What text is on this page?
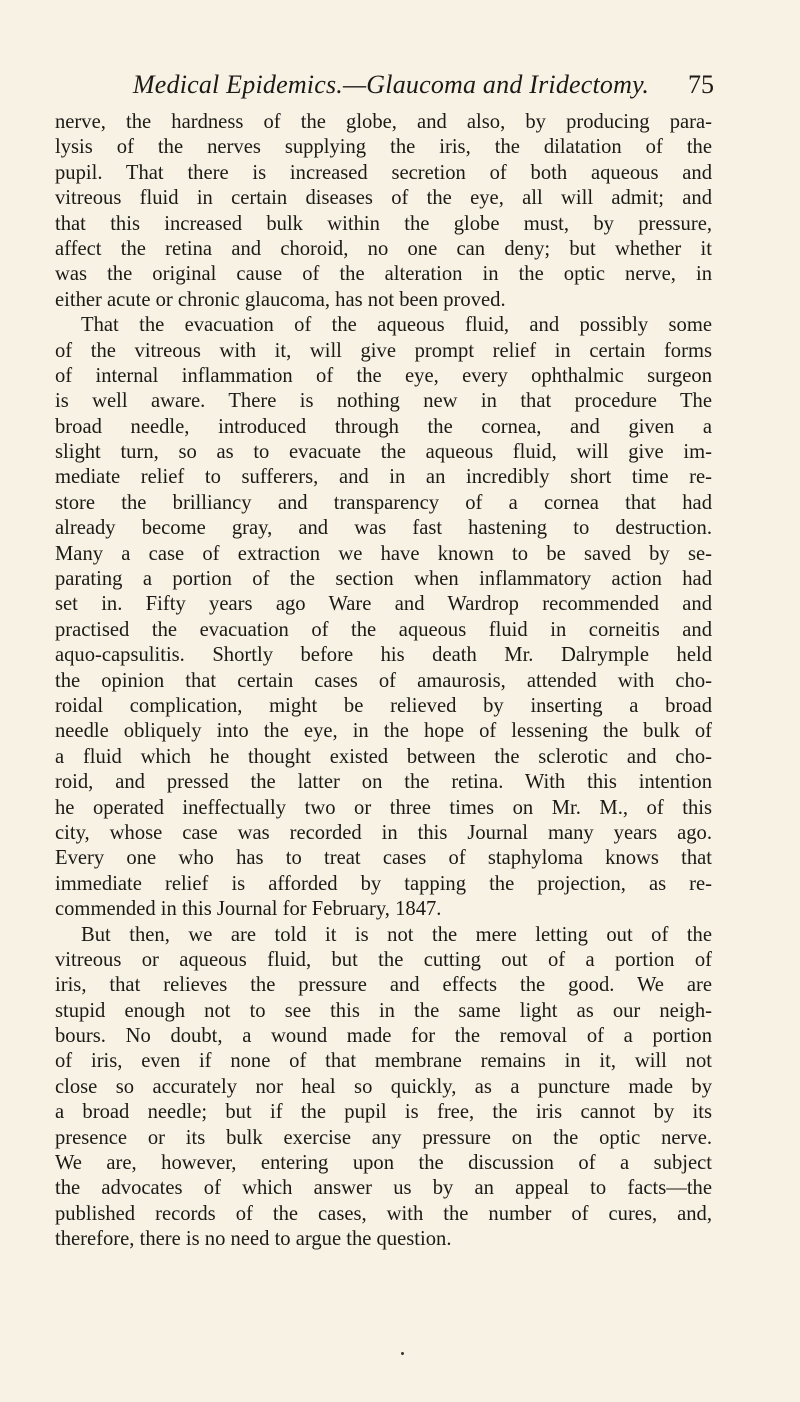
Medical Epidemics.—Glaucoma and Iridectomy.	75
nerve, the hardness of the globe, and also, by producing para-
lysis of the nerves supplying the iris, the dilatation of the
pupil. That there is increased secretion of both aqueous and
vitreous fluid in certain diseases of the eye, all will admit; and
that this increased bulk within the globe must, by pressure,
affect the retina and choroid, no one can deny; but whether it
was the original cause of the alteration in the optic nerve, in
either acute or chronic glaucoma, has not been proved.
That the evacuation of the aqueous fluid, and possibly some
of the vitreous with it, will give prompt relief in certain forms
of internal inflammation of the eye, every ophthalmic surgeon
is well aware. There is nothing new in that procedure The
broad needle, introduced through the cornea, and given a
slight turn, so as to evacuate the aqueous fluid, will give im-
mediate relief to sufferers, and in an incredibly short time re-
store the brilliancy and transparency of a cornea that had
already become gray, and was fast hastening to destruction.
Many a case of extraction we have known to be saved by se-
parating a portion of the section when inflammatory action had
set in. Fifty years ago Ware and Wardrop recommended and
practised the evacuation of the aqueous fluid in corneitis and
aquo-capsulitis. Shortly before his death Mr. Dalrymple held
the opinion that certain cases of amaurosis, attended with cho-
roidal complication, might be relieved by inserting a broad
needle obliquely into the eye, in the hope of lessening the bulk of
a fluid which he thought existed between the sclerotic and cho-
roid, and pressed the latter on the retina. With this intention
he operated ineffectually two or three times on Mr. M., of this
city, whose case was recorded in this Journal many years ago.
Every one who has to treat cases of staphyloma knows that
immediate relief is afforded by tapping the projection, as re-
commended in this Journal for February, 1847.
But then, we are told it is not the mere letting out of the
vitreous or aqueous fluid, but the cutting out of a portion of
iris, that relieves the pressure and effects the good. We are
stupid enough not to see this in the same light as our neigh-
bours. No doubt, a wound made for the removal of a portion
of iris, even if none of that membrane remains in it, will not
close so accurately nor heal so quickly, as a puncture made by
a broad needle; but if the pupil is free, the iris cannot by its
presence or its bulk exercise any pressure on the optic nerve.
We are, however, entering upon the discussion of a subject
the advocates of which answer us by an appeal to facts—the
published records of the cases, with the number of cures, and,
therefore, there is no need to argue the question.
